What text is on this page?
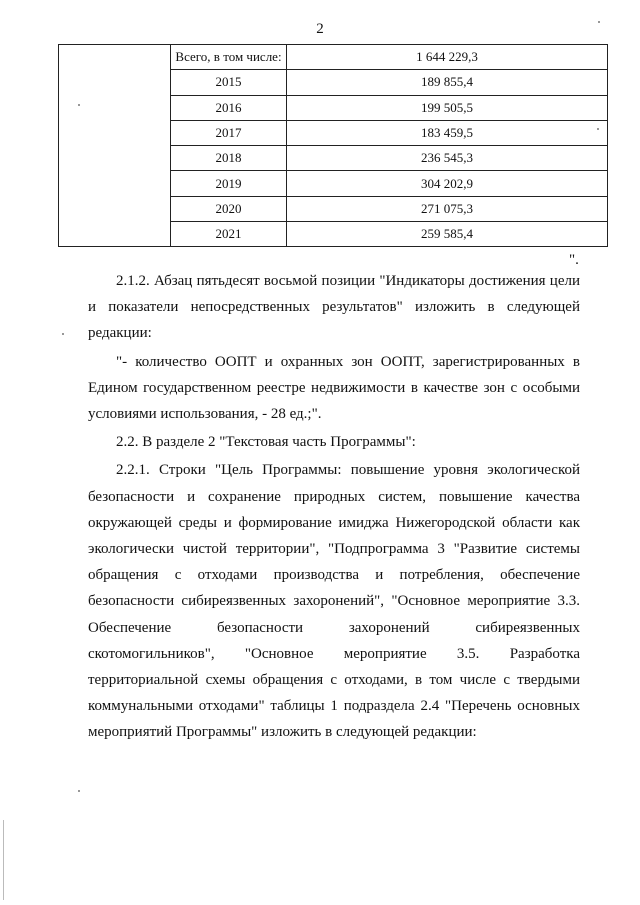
2
	Всего, в том числе:	1 644 229,3
	2015	189 855,4
	2016	199 505,5
	2017	183 459,5
	2018	236 545,3
	2019	304 202,9
	2020	271 075,3
	2021	259 585,4
".

2.1.2. Абзац пятьдесят восьмой позиции "Индикаторы достижения цели и показатели непосредственных результатов" изложить в следующей редакции:

"- количество ООПТ и охранных зон ООПТ, зарегистрированных в Едином государственном реестре недвижимости в качестве зон с особыми условиями использования, - 28 ед.;".

2.2. В разделе 2 "Текстовая часть Программы":

2.2.1. Строки "Цель Программы: повышение уровня экологической безопасности и сохранение природных систем, повышение качества окружающей среды и формирование имиджа Нижегородской области как экологически чистой территории", "Подпрограмма 3 "Развитие системы обращения с отходами производства и потребления, обеспечение безопасности сибиреязвенных захоронений", "Основное мероприятие 3.3. Обеспечение безопасности захоронений сибиреязвенных скотомогильников", "Основное мероприятие 3.5. Разработка территориальной схемы обращения с отходами, в том числе с твердыми коммунальными отходами" таблицы 1 подраздела 2.4 "Перечень основных мероприятий Программы" изложить в следующей редакции:
